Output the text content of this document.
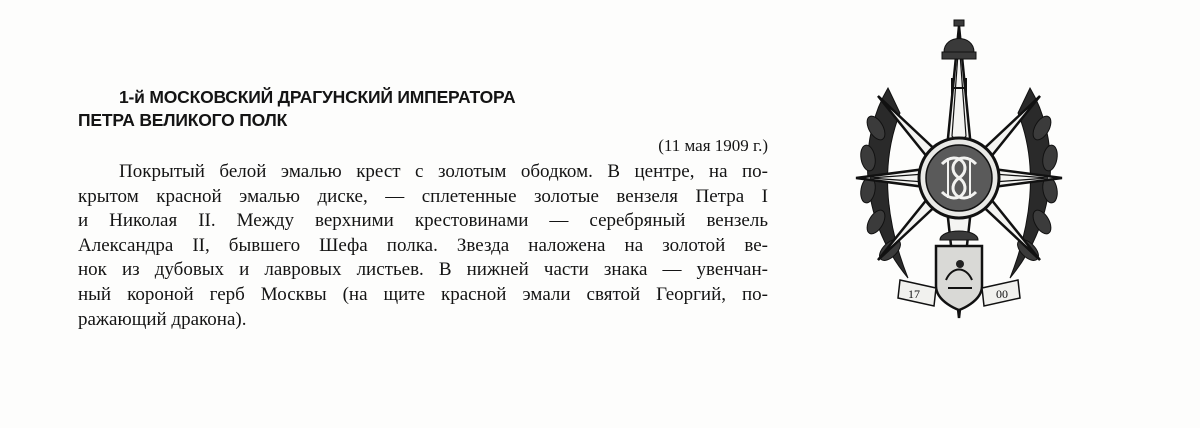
1-й МОСКОВСКИЙ ДРАГУНСКИЙ ИМПЕРАТОРА
ПЕТРА ВЕЛИКОГО ПОЛК
(11 мая 1909 г.)
Покрытый белой эмалью крест с золотым ободком. В центре, на по-
крытом красной эмалью диске, — сплетенные золотые вензеля Петра I
и Николая II. Между верхними крестовинами — серебряный вензель
Александра II, бывшего Шефа полка. Звезда наложена на золотой ве-
нок из дубовых и лавровых листьев. В нижней части знака — увенчан-
ный короной герб Москвы (на щите красной эмали святой Георгий, по-
ражающий дракона).
17	00
